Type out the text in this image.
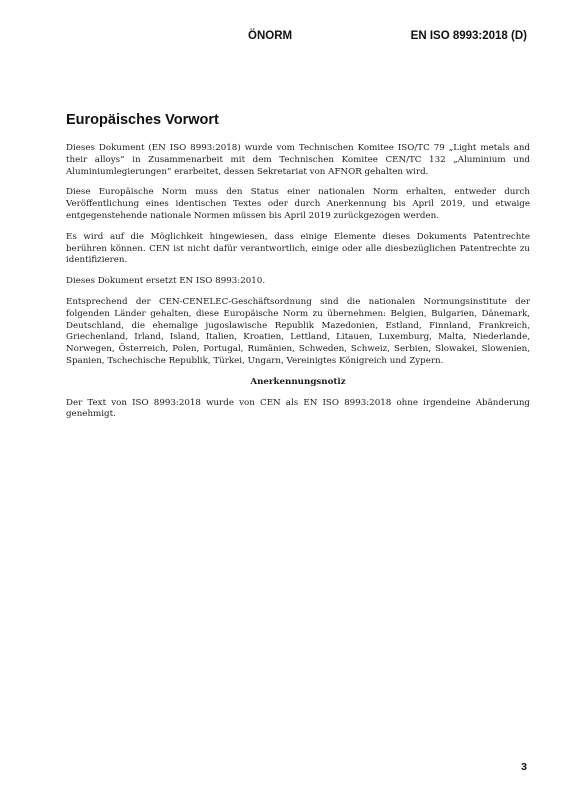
ÖNORM	EN ISO 8993:2018 (D)
Europäisches Vorwort

Dieses Dokument (EN ISO 8993:2018) wurde vom Technischen Komitee ISO/TC 79 „Light metals and their alloys“ in Zusammenarbeit mit dem Technischen Komitee CEN/TC 132 „Aluminium und Aluminiumlegierungen“ erarbeitet, dessen Sekretariat von AFNOR gehalten wird.

Diese Europäische Norm muss den Status einer nationalen Norm erhalten, entweder durch Veröffentlichung eines identischen Textes oder durch Anerkennung bis April 2019, und etwaige entgegenstehende nationale Normen müssen bis April 2019 zurückgezogen werden.

Es wird auf die Möglichkeit hingewiesen, dass einige Elemente dieses Dokuments Patentrechte berühren können. CEN ist nicht dafür verantwortlich, einige oder alle diesbezüglichen Patentrechte zu identifizieren.

Dieses Dokument ersetzt EN ISO 8993:2010.

Entsprechend der CEN-CENELEC-Geschäftsordnung sind die nationalen Normungsinstitute der folgenden Länder gehalten, diese Europäische Norm zu übernehmen: Belgien, Bulgarien, Dänemark, Deutschland, die ehemalige jugoslawische Republik Mazedonien, Estland, Finnland, Frankreich, Griechenland, Irland, Island, Italien, Kroatien, Lettland, Litauen, Luxemburg, Malta, Niederlande, Norwegen, Österreich, Polen, Portugal, Rumänien, Schweden, Schweiz, Serbien, Slowakei, Slowenien, Spanien, Tschechische Republik, Türkei, Ungarn, Vereinigtes Königreich und Zypern.

Anerkennungsnotiz

Der Text von ISO 8993:2018 wurde von CEN als EN ISO 8993:2018 ohne irgendeine Abänderung genehmigt.

3
